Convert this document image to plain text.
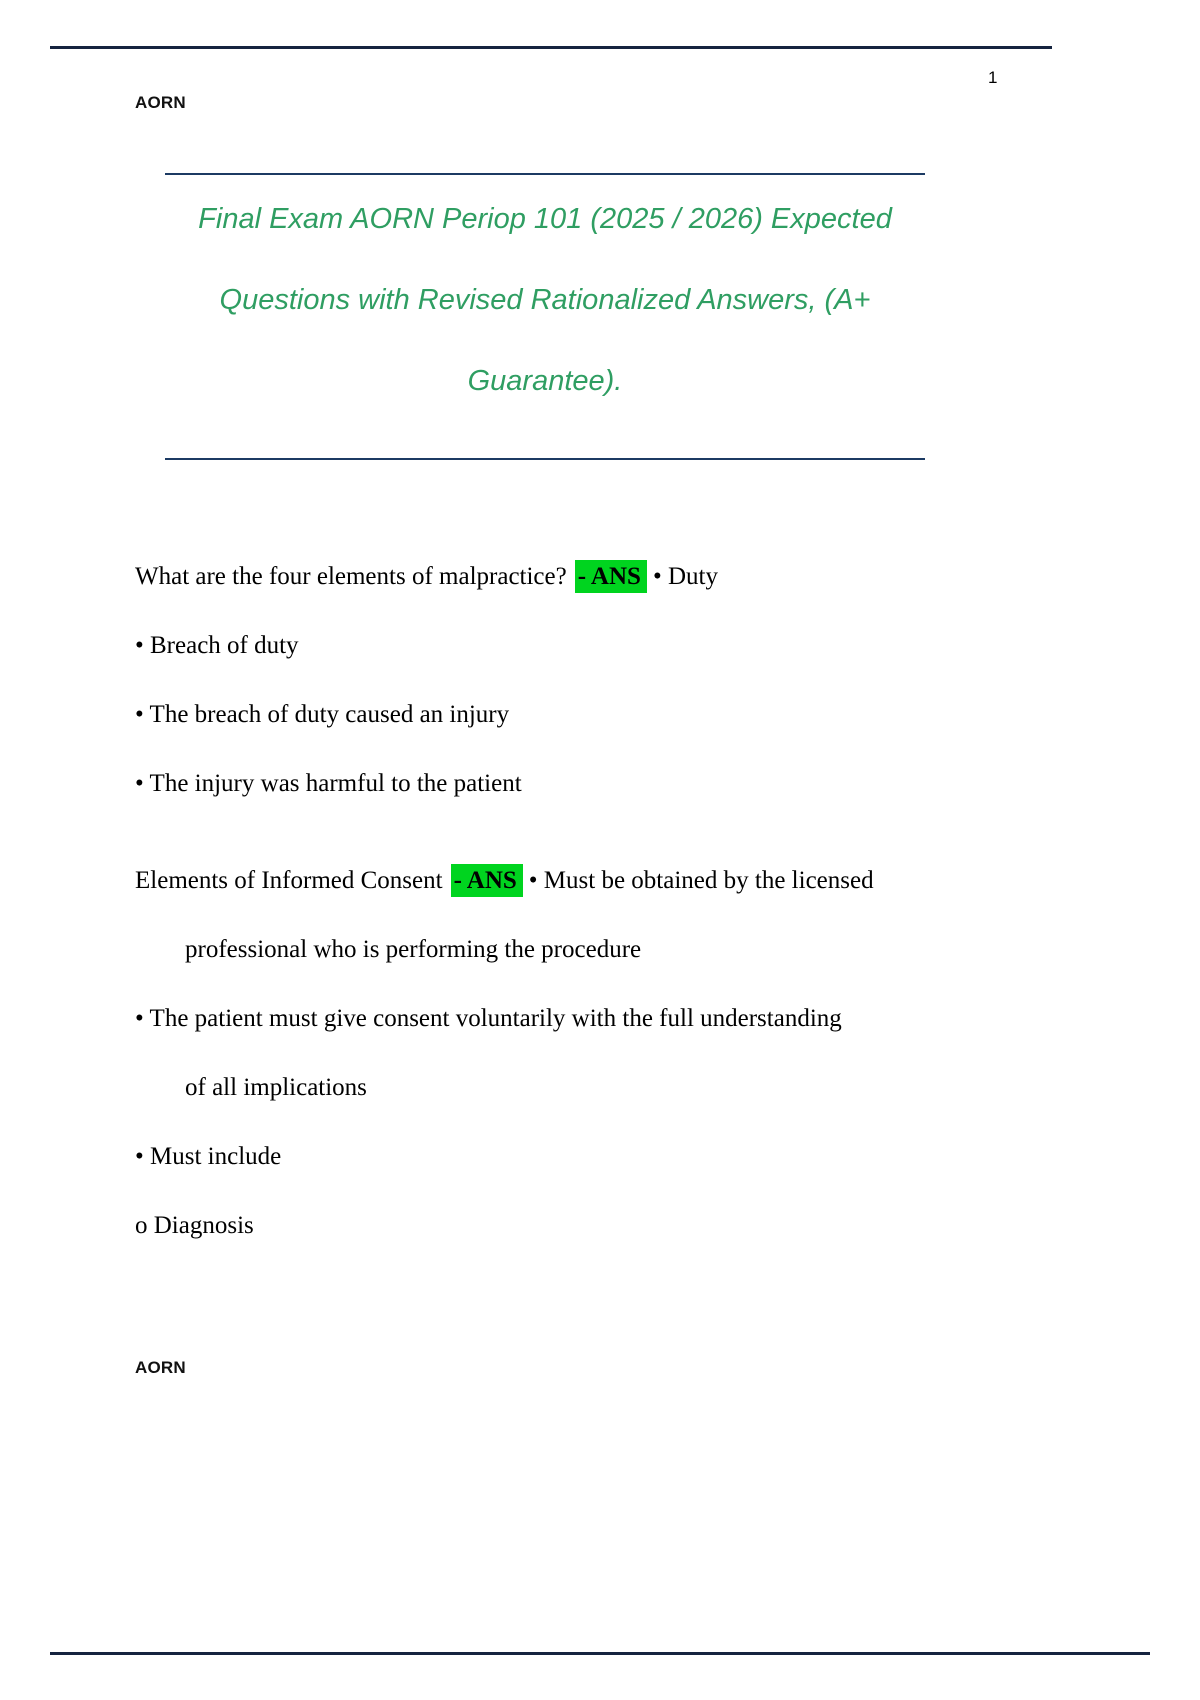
1
AORN
Final Exam AORN Periop 101 (2025 / 2026) Expected
Questions with Revised Rationalized Answers, (A+
Guarantee).

What are the four elements of malpractice? - ANS • Duty

• Breach of duty

• The breach of duty caused an injury

• The injury was harmful to the patient

Elements of Informed Consent - ANS • Must be obtained by the licensed

professional who is performing the procedure

• The patient must give consent voluntarily with the full understanding

of all implications

• Must include

o Diagnosis

AORN
